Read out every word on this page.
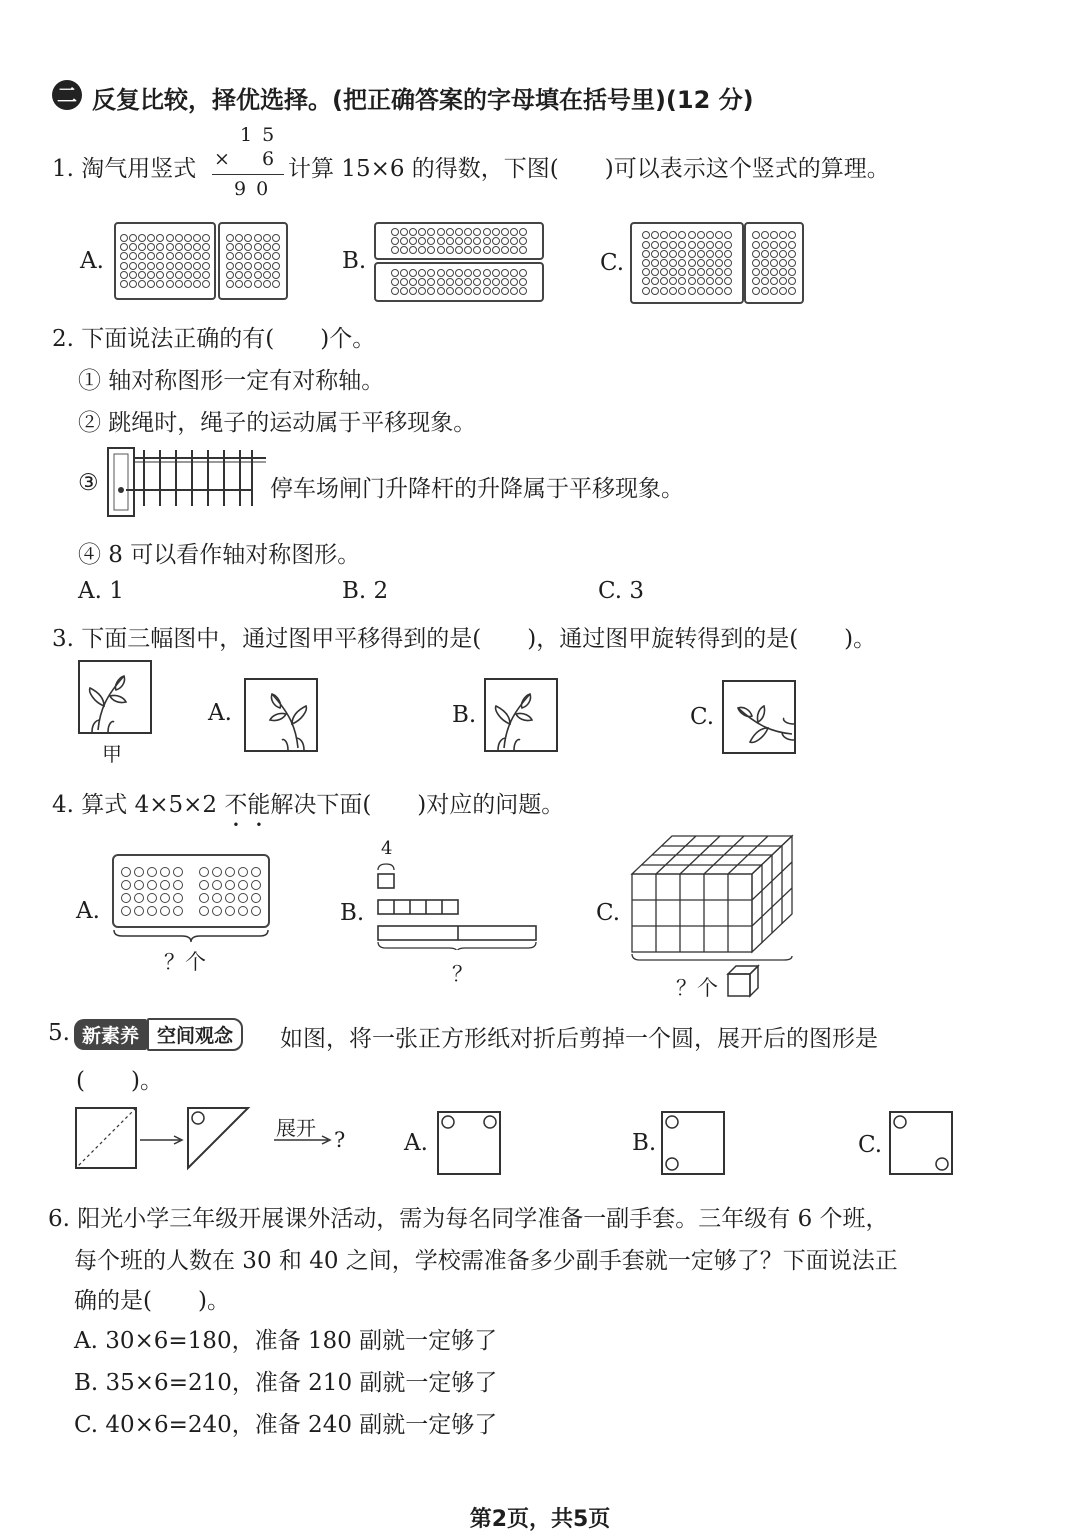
二 反复比较，择优选择。(把正确答案的字母填在括号里)(12 分)
1. 淘气用竖式
1 5
× 6
9 0
计算 15×6 的得数，下图(　　)可以表示这个竖式的算理。
A.	B.	C.
2. 下面说法正确的有(　　)个。
① 轴对称图形一定有对称轴。
② 跳绳时，绳子的运动属于平移现象。
③	停车场闸门升降杆的升降属于平移现象。
④ 8 可以看作轴对称图形。
A. 1	B. 2	C. 3
3. 下面三幅图中，通过图甲平移得到的是(　　)，通过图甲旋转得到的是(　　)。
甲
A.	B.	C.
4. 算式 4×5×2 不能解决下面(　　)对应的问题。
A.
？个
B.
4
？
C.
？个
5. 新素养 空间观念	如图，将一张正方形纸对折后剪掉一个圆，展开后的图形是
(　　)。
展开 ?	A.	B.	C.
6. 阳光小学三年级开展课外活动，需为每名同学准备一副手套。三年级有 6 个班，
每个班的人数在 30 和 40 之间，学校需准备多少副手套就一定够了？下面说法正
确的是(　　)。
A. 30×6=180，准备 180 副就一定够了
B. 35×6=210，准备 210 副就一定够了
C. 40×6=240，准备 240 副就一定够了
第2页，共5页
